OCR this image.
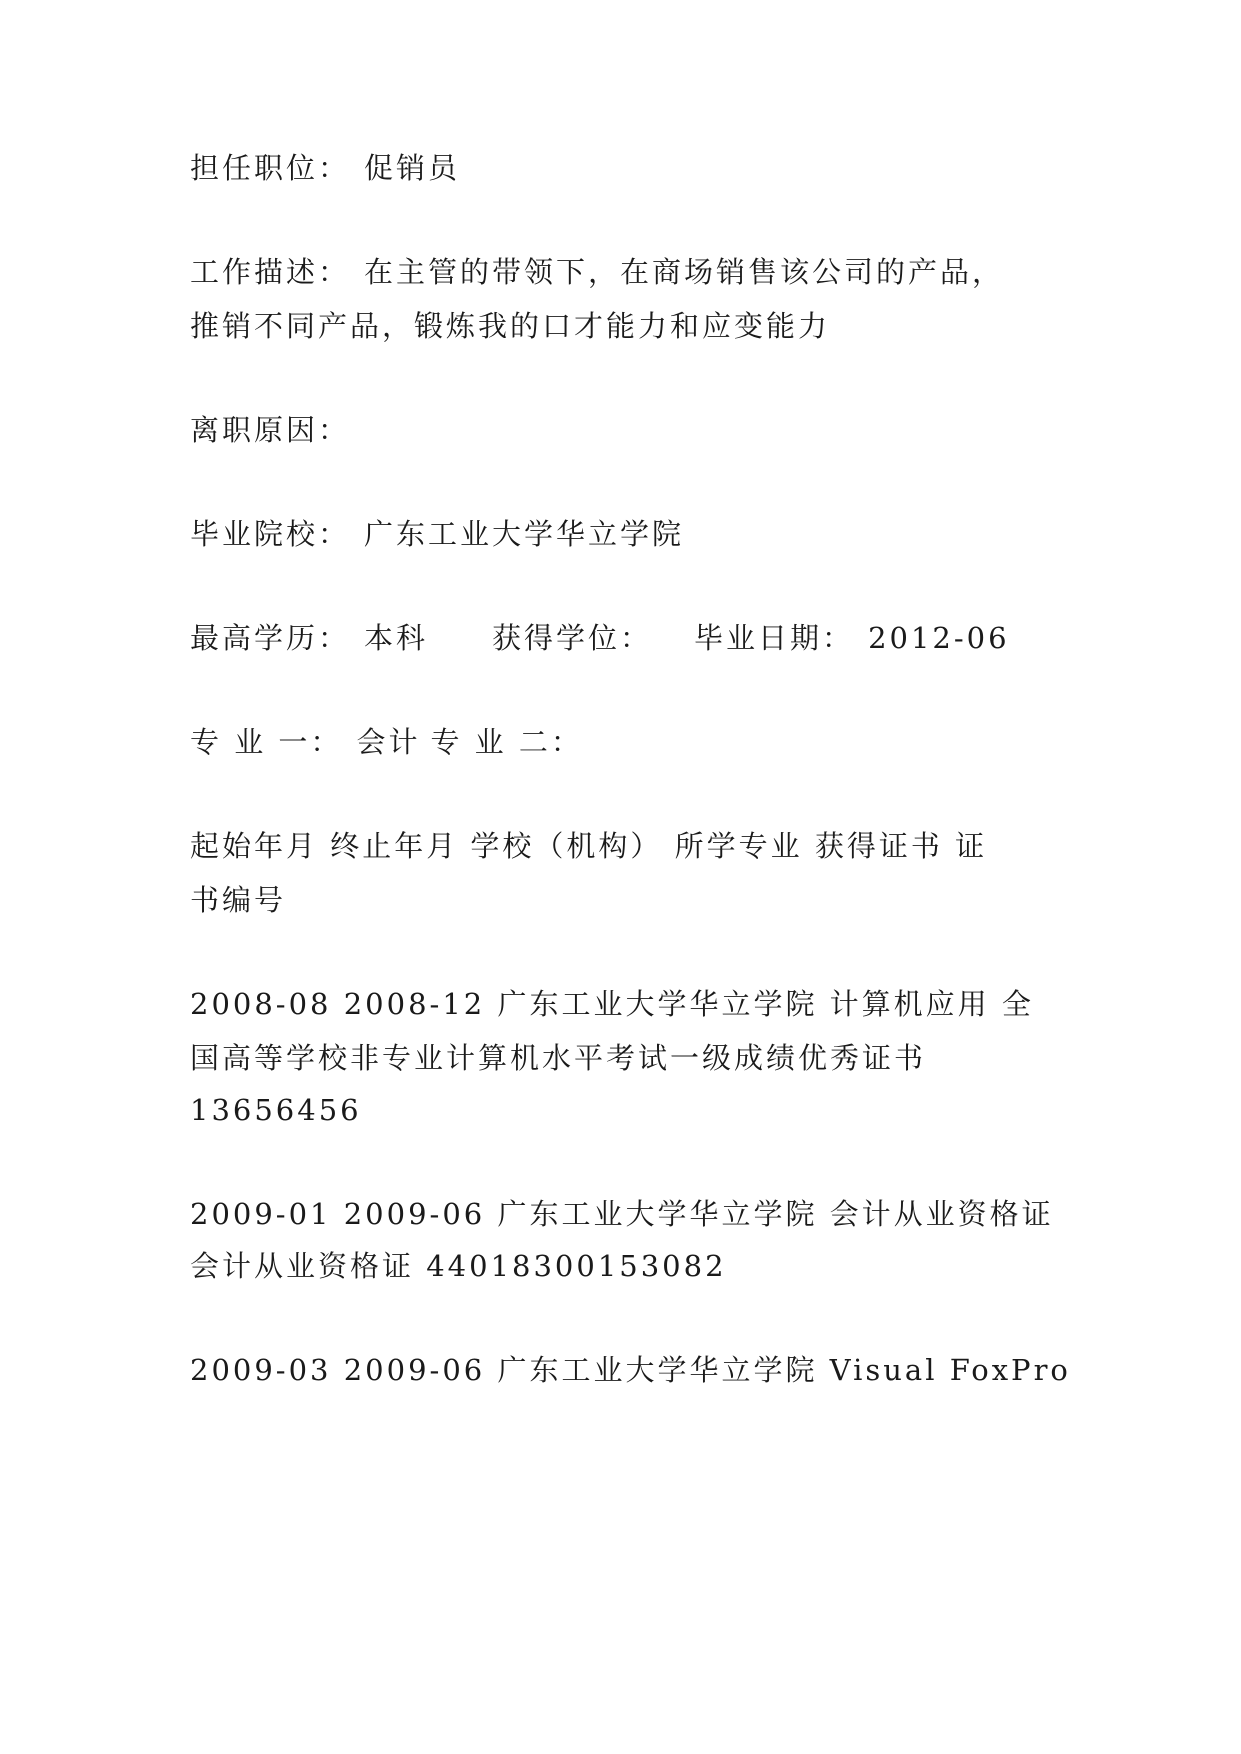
担任职位： 促销员
工作描述： 在主管的带领下，在商场销售该公司的产品，
推销不同产品，锻炼我的口才能力和应变能力
离职原因：
毕业院校： 广东工业大学华立学院
最高学历： 本科 获得学位： 毕业日期： 2012-06
专 业 一： 会计 专 业 二：
起始年月 终止年月 学校（机构） 所学专业 获得证书 证
书编号
2008-08 2008-12 广东工业大学华立学院 计算机应用 全
国高等学校非专业计算机水平考试一级成绩优秀证书
13656456
2009-01 2009-06 广东工业大学华立学院 会计从业资格证
会计从业资格证 44018300153082
2009-03 2009-06 广东工业大学华立学院 Visual FoxPro
